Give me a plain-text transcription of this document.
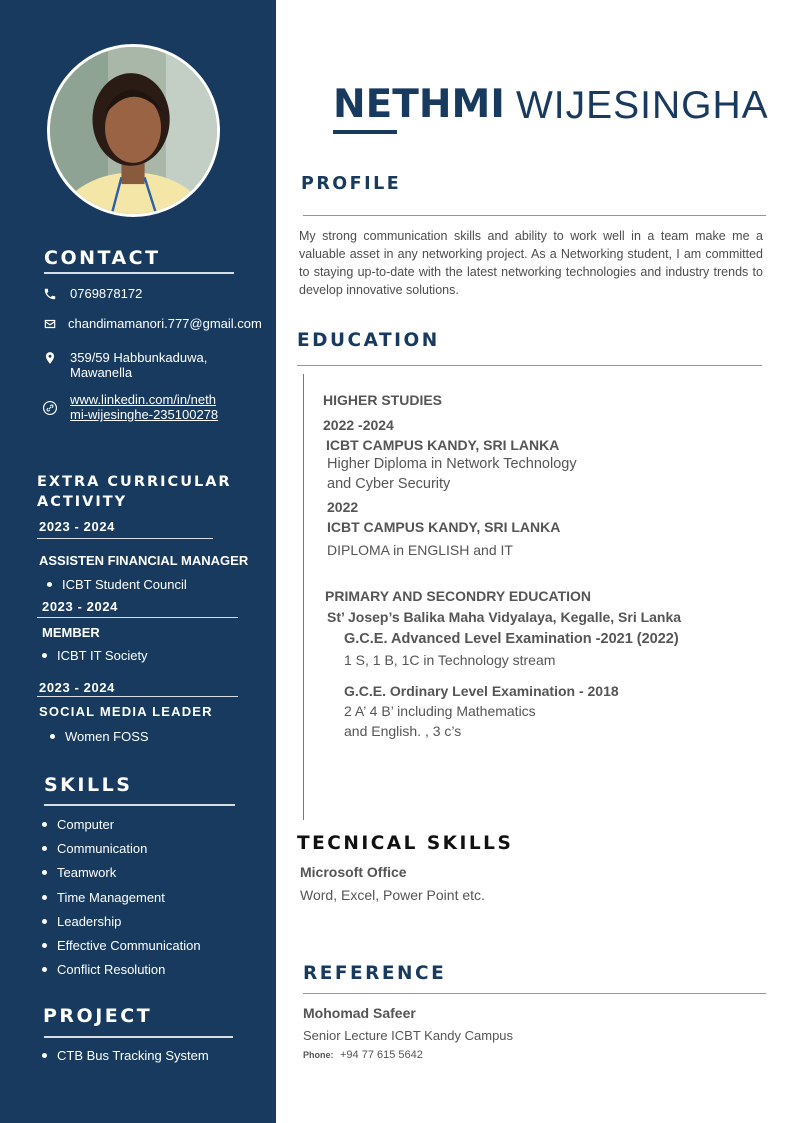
CONTACT
0769878172
chandimamanori.777@gmail.com
359/59 Habbunkaduwa,
Mawanella
www.linkedin.com/in/neth
mi-wijesinghe-235100278
EXTRA CURRICULAR
ACTIVITY
2023 - 2024
ASSISTEN FINANCIAL MANAGER
ICBT Student Council
2023 - 2024
MEMBER
ICBT IT Society
2023 - 2024
SOCIAL MEDIA LEADER
Women FOSS
SKILLS
Computer
Communication
Teamwork
Time Management
Leadership
Effective Communication
Conflict Resolution
PROJECT
CTB Bus Tracking System
NETHMI WIJESINGHA
PROFILE
My strong communication skills and ability to work well in a team make me a valuable asset in any networking project. As a Networking student, I am committed to staying up-to-date with the latest networking technologies and industry trends to develop innovative solutions.
EDUCATION
HIGHER STUDIES
2022 -2024
ICBT CAMPUS KANDY, SRI LANKA
Higher Diploma in Network Technology
and Cyber Security
2022
ICBT CAMPUS KANDY, SRI LANKA
DIPLOMA in ENGLISH and IT
PRIMARY AND SECONDRY EDUCATION
St’ Josep’s Balika Maha Vidyalaya, Kegalle, Sri Lanka
G.C.E. Advanced Level Examination -2021 (2022)
1 S, 1 B, 1C in Technology stream
G.C.E. Ordinary Level Examination - 2018
2 A’ 4 B’ including Mathematics
and English. , 3 c’s
TECNICAL SKILLS
Microsoft Office
Word, Excel, Power Point etc.
REFERENCE
Mohomad Safeer
Senior Lecture ICBT Kandy Campus
Phone: +94 77 615 5642
